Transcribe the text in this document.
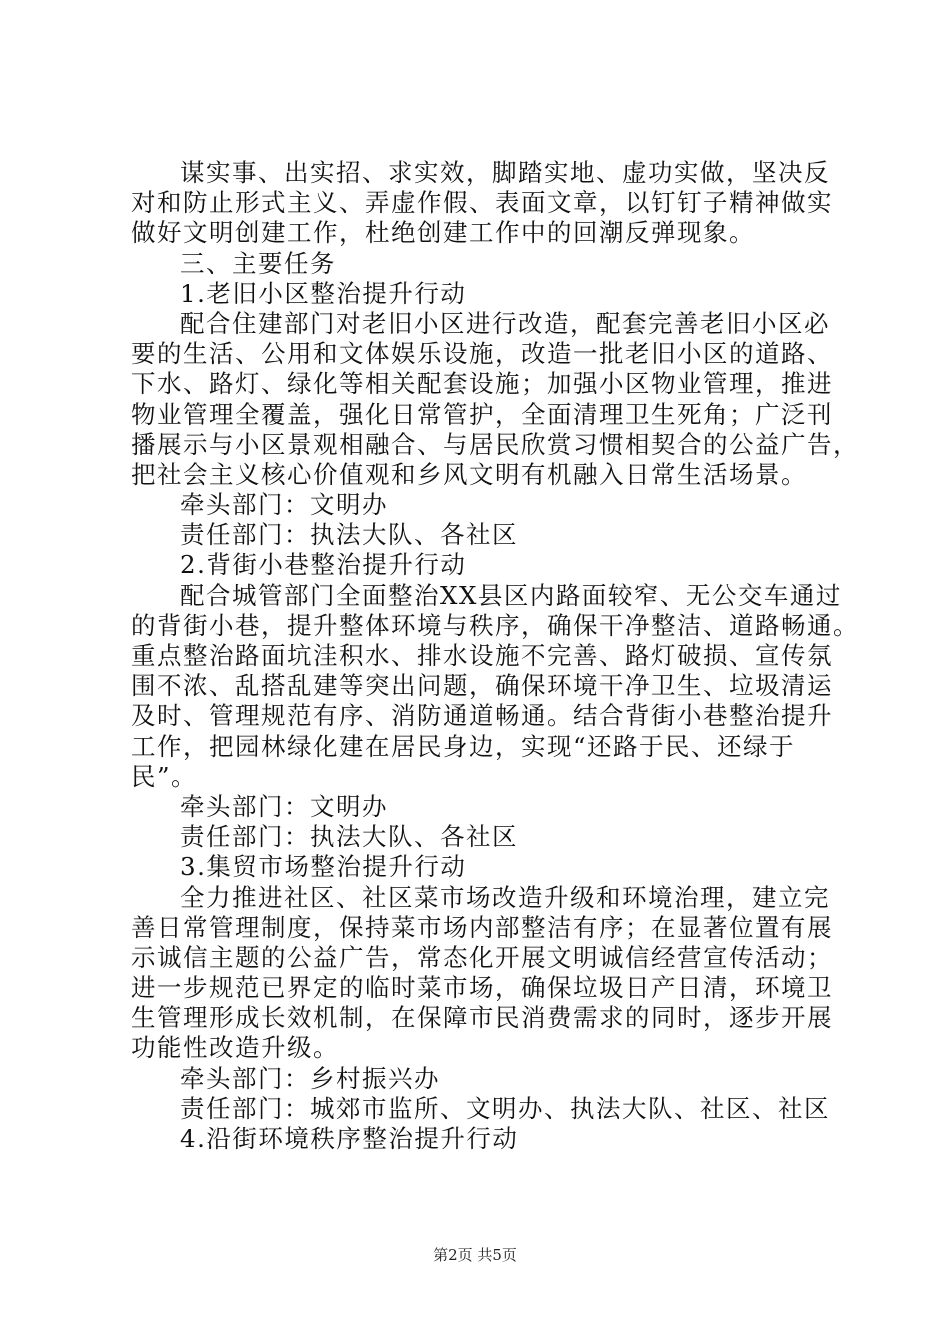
谋实事、出实招、求实效，脚踏实地、虚功实做，坚决反
对和防止形式主义、弄虚作假、表面文章，以钉钉子精神做实
做好文明创建工作，杜绝创建工作中的回潮反弹现象。
三、主要任务
1.老旧小区整治提升行动
配合住建部门对老旧小区进行改造，配套完善老旧小区必
要的生活、公用和文体娱乐设施，改造一批老旧小区的道路、
下水、路灯、绿化等相关配套设施；加强小区物业管理，推进
物业管理全覆盖，强化日常管护，全面清理卫生死角；广泛刊
播展示与小区景观相融合、与居民欣赏习惯相契合的公益广告，
把社会主义核心价值观和乡风文明有机融入日常生活场景。
牵头部门：文明办
责任部门：执法大队、各社区
2.背街小巷整治提升行动
配合城管部门全面整治XX县区内路面较窄、无公交车通过
的背街小巷，提升整体环境与秩序，确保干净整洁、道路畅通。
重点整治路面坑洼积水、排水设施不完善、路灯破损、宣传氛
围不浓、乱搭乱建等突出问题，确保环境干净卫生、垃圾清运
及时、管理规范有序、消防通道畅通。结合背街小巷整治提升
工作，把园林绿化建在居民身边，实现“还路于民、还绿于
民”。
牵头部门：文明办
责任部门：执法大队、各社区
3.集贸市场整治提升行动
全力推进社区、社区菜市场改造升级和环境治理，建立完
善日常管理制度，保持菜市场内部整洁有序；在显著位置有展
示诚信主题的公益广告，常态化开展文明诚信经营宣传活动；
进一步规范已界定的临时菜市场，确保垃圾日产日清，环境卫
生管理形成长效机制，在保障市民消费需求的同时，逐步开展
功能性改造升级。
牵头部门：乡村振兴办
责任部门：城郊市监所、文明办、执法大队、社区、社区
4.沿街环境秩序整治提升行动
第2页 共5页
